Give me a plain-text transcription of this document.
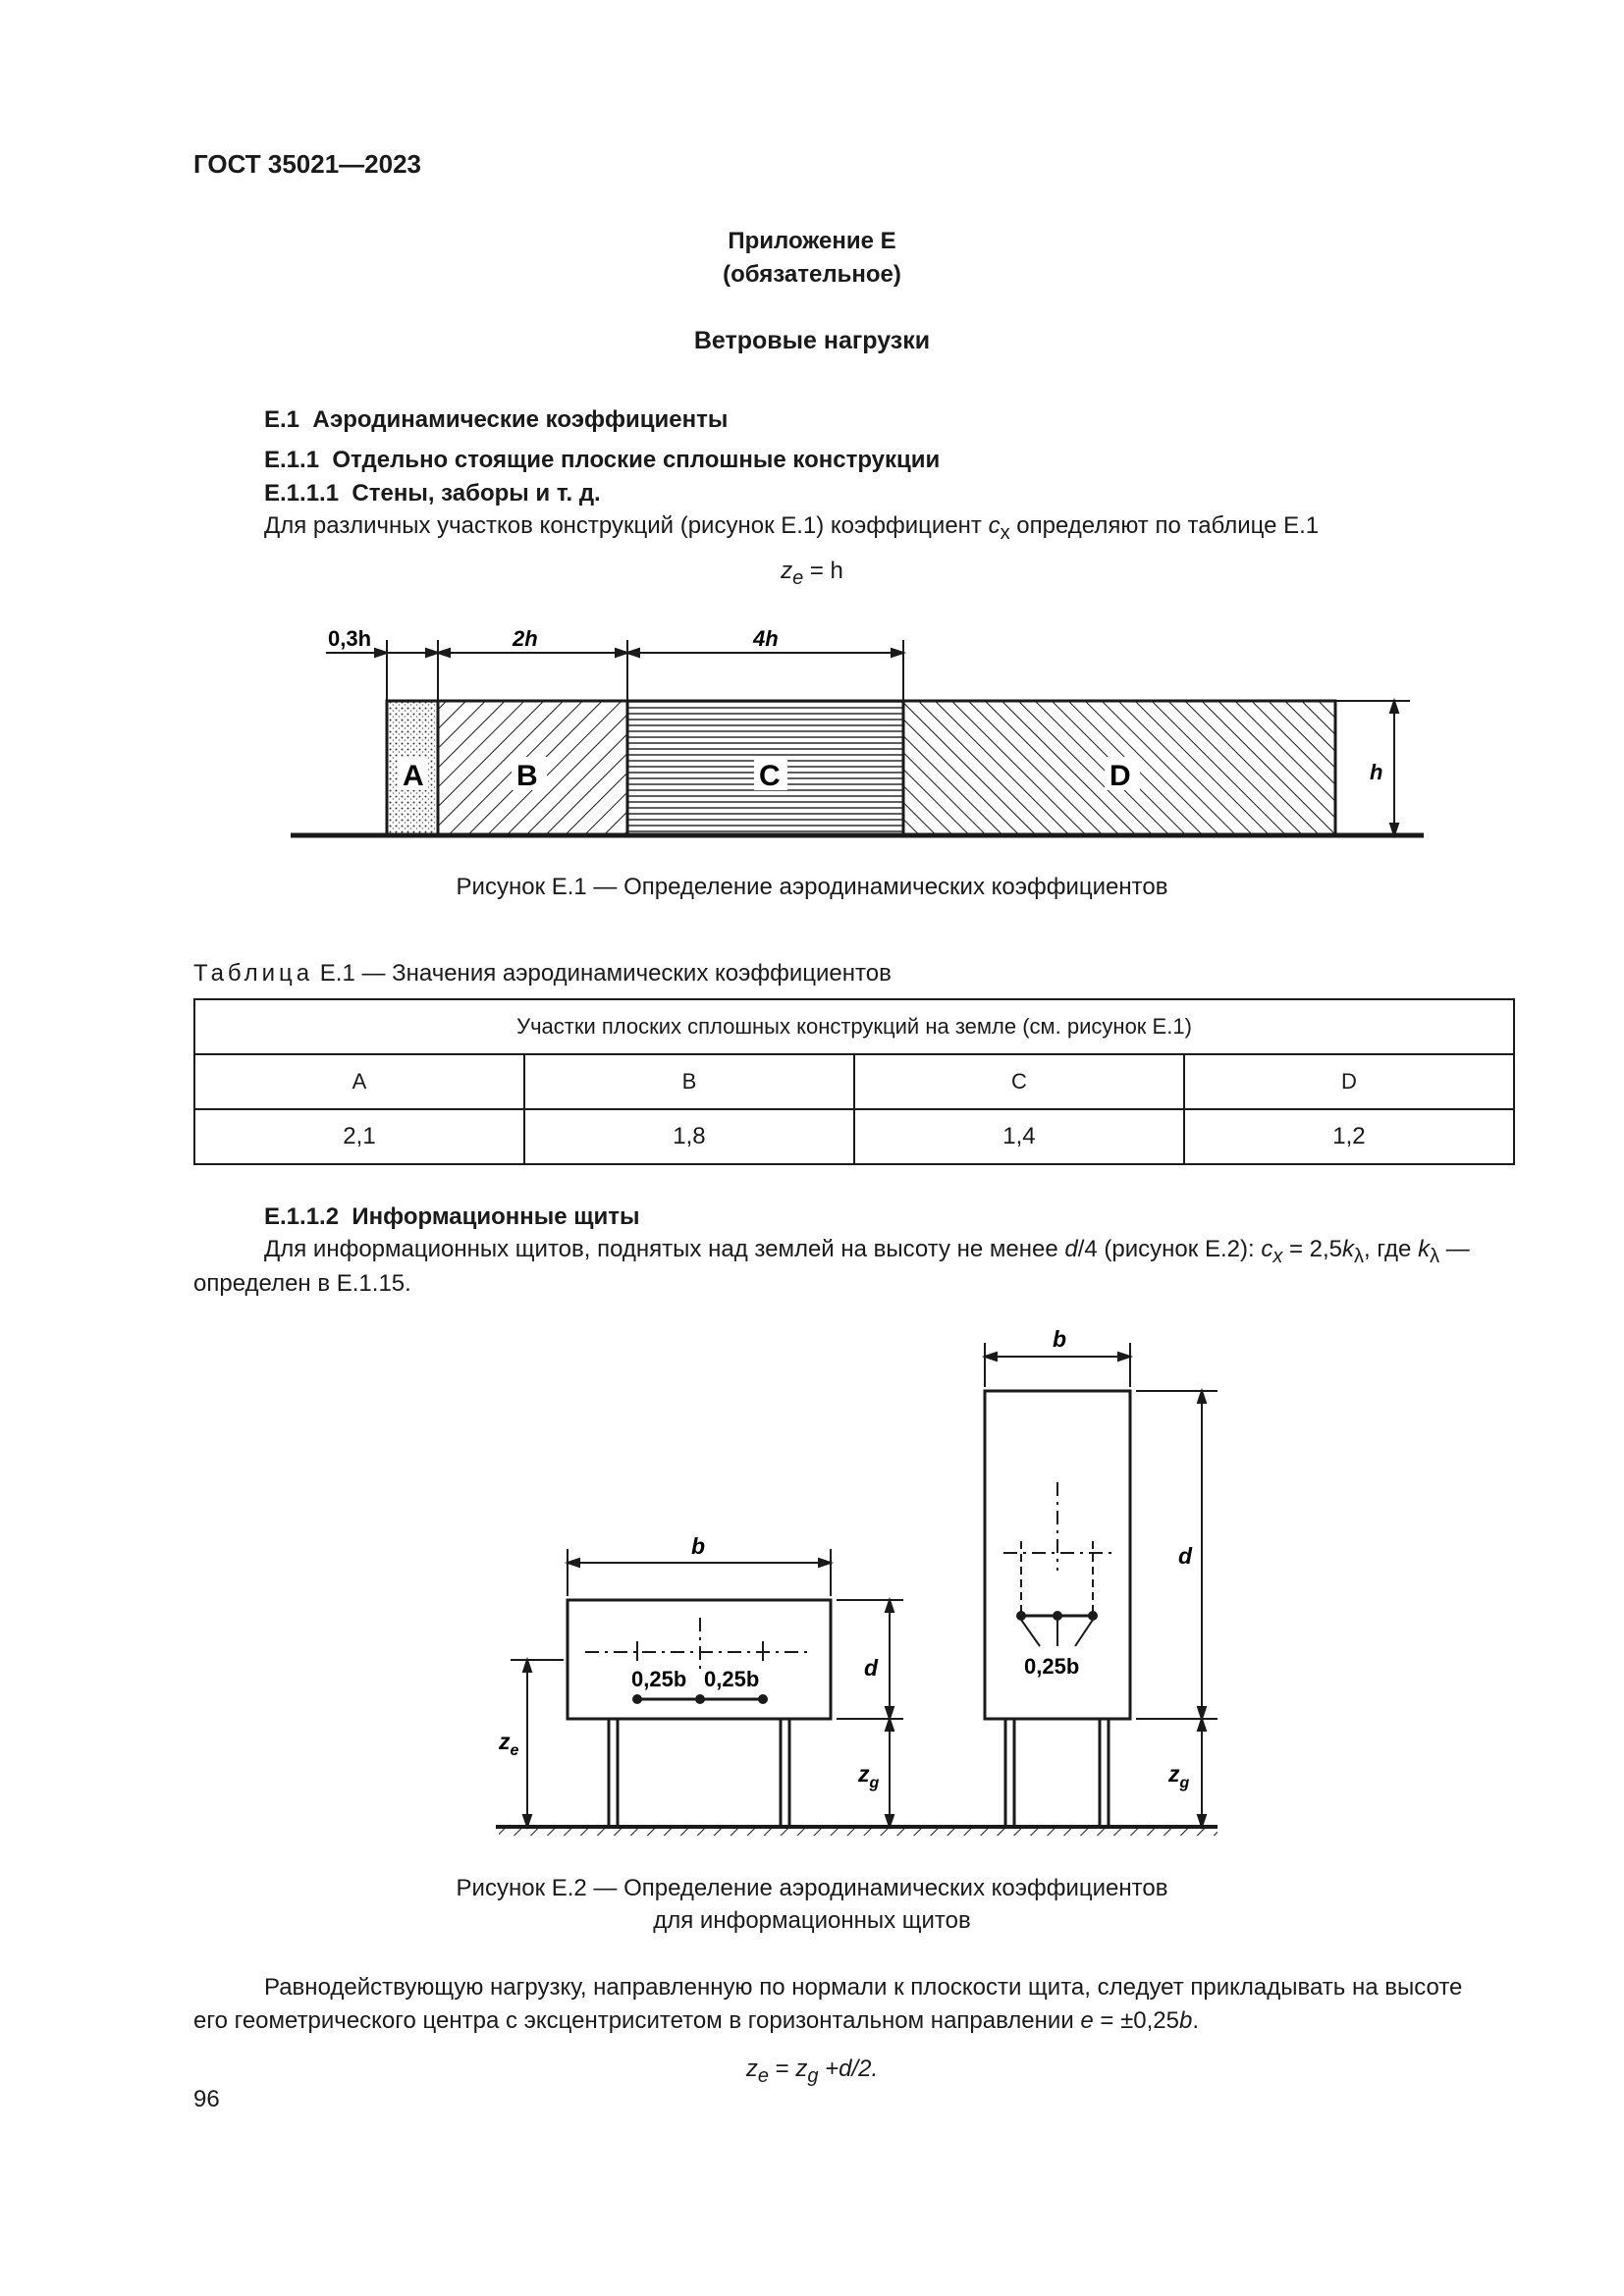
ГОСТ 35021—2023
Приложение Е
(обязательное)
Ветровые нагрузки
Е.1  Аэродинамические коэффициенты
Е.1.1  Отдельно стоящие плоские сплошные конструкции
Е.1.1.1  Стены, заборы и т. д.
Для различных участков конструкций (рисунок Е.1) коэффициент $c_x$ определяют по таблице Е.1
$z_e = h$
0,3h	2h	4h
h
A	B	C	D
Рисунок Е.1 — Определение аэродинамических коэффициентов
Таблица Е.1 — Значения аэродинамических коэффициентов
Участки плоских сплошных конструкций на земле (см. рисунок Е.1)			
A	B	C	D
2,1	1,8	1,4	1,2
Е.1.1.2  Информационные щиты
Для информационных щитов, поднятых над землей на высоту не менее d/4 (рисунок Е.2): $c_x = 2,5k_\lambda$, где $k_\lambda$ —
определен в Е.1.15.
b
d
$z_e$
$z_g$
0,25b 0,25b
b
d
$z_g$
0,25b
Рисунок Е.2 — Определение аэродинамических коэффициентов
для информационных щитов
Равнодействующую нагрузку, направленную по нормали к плоскости щита, следует прикладывать на высоте
его геометрического центра с эксцентриситетом в горизонтальном направлении e = ±0,25b.
$z_e = z_g +d/2$.
96
